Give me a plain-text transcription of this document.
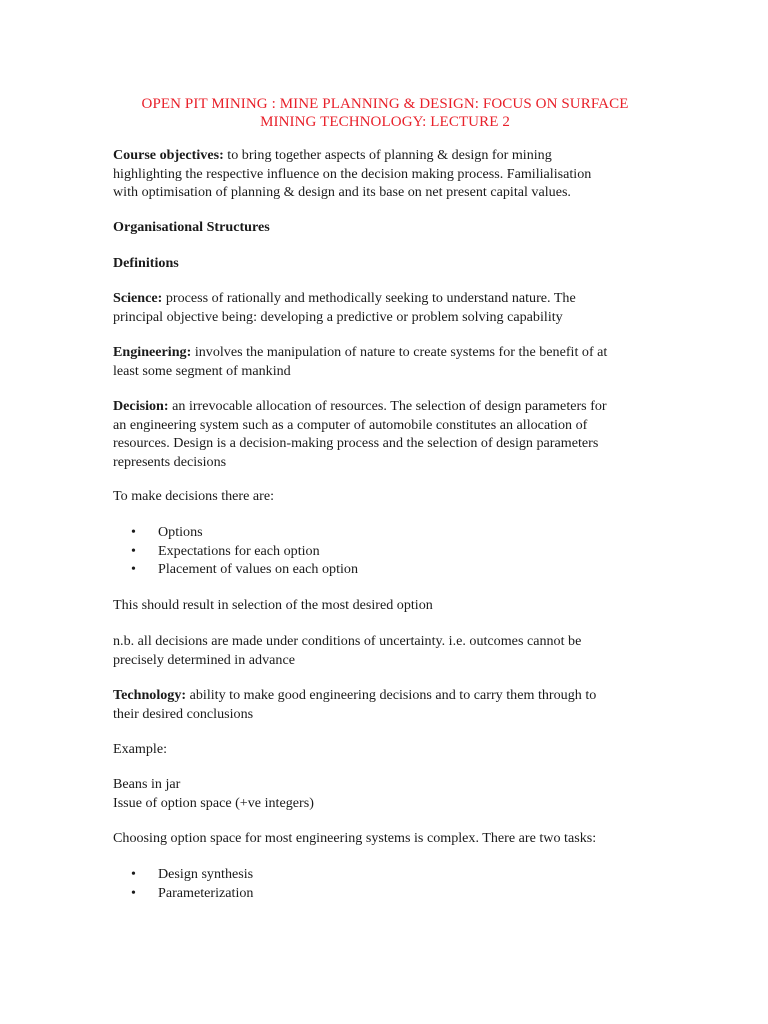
OPEN PIT MINING : MINE PLANNING & DESIGN: FOCUS ON SURFACE
MINING TECHNOLOGY: LECTURE 2

Course objectives: to bring together aspects of planning & design for mining

highlighting the respective influence on the decision making process. Familialisation

with optimisation of planning & design and its base on net present capital values.

Organisational Structures

Definitions

Science: process of rationally and methodically seeking to understand nature. The

principal objective being: developing a predictive or problem solving capability

Engineering: involves the manipulation of nature to create systems for the benefit of at

least some segment of mankind

Decision: an irrevocable allocation of resources. The selection of design parameters for

an engineering system such as a computer of automobile constitutes an allocation of

resources. Design is a decision-making process and the selection of design parameters

represents decisions

To make decisions there are:

•	Options
•	Expectations for each option
•	Placement of values on each option

This should result in selection of the most desired option

n.b. all decisions are made under conditions of uncertainty. i.e. outcomes cannot be

precisely determined in advance

Technology: ability to make good engineering decisions and to carry them through to

their desired conclusions

Example:

Beans in jar

Issue of option space (+ve integers)

Choosing option space for most engineering systems is complex. There are two tasks:

•	Design synthesis
•	Parameterization
